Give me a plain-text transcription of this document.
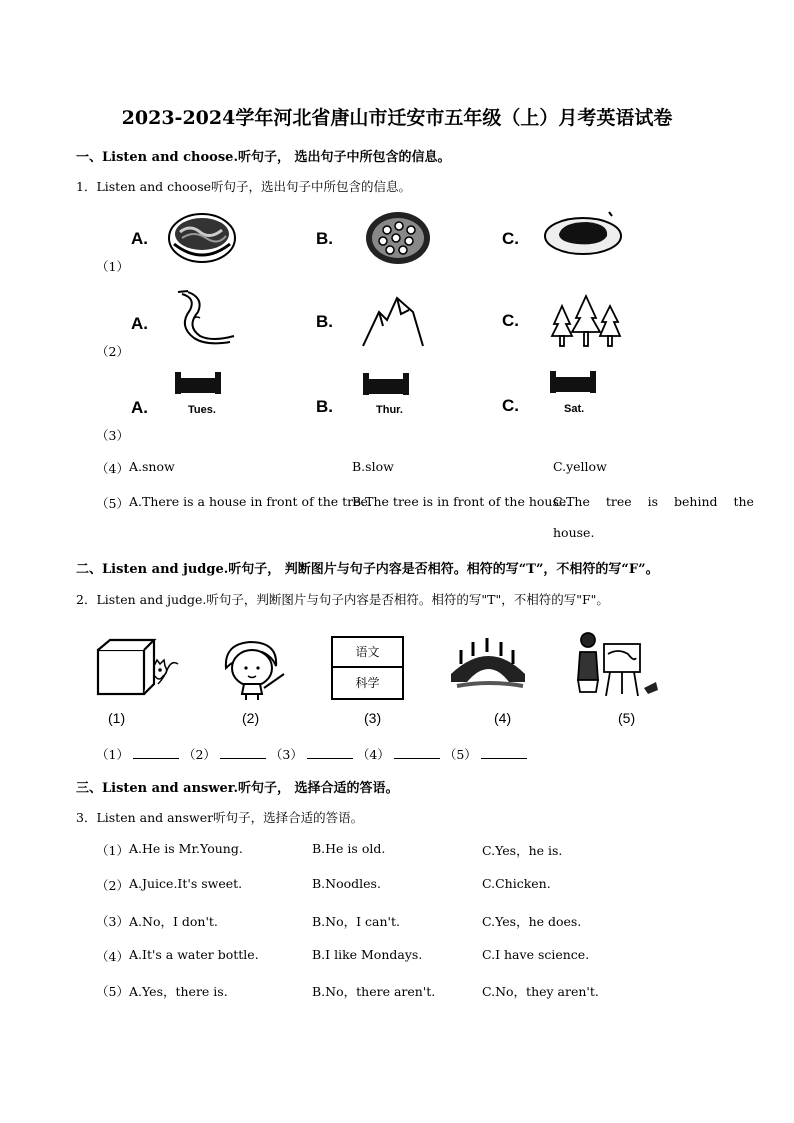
2023-2024学年河北省唐山市迁安市五年级（上）月考英语试卷
一、Listen and choose.听句子， 选出句子中所包含的信息。
1．Listen and choose听句子，选出句子中所包含的信息。
A.	B.	C.
（1）
A.	B.	C.
（2）
A.	B.	C.
（3）
Tues.	Thur.	Sat.
（4） A.snow	B.slow	C.yellow
（5） A.There is a house in front of the tree.
B.The tree is in front of the house.
C.The tree is behind the
house.
二、Listen and judge.听句子， 判断图片与句子内容是否相符。相符的写“T”，不相符的写“F”。
2．Listen and judge.听句子，判断图片与句子内容是否相符。相符的写"T"，不相符的写"F"。
语文
科学
(1)	(2)	(3)	(4)	(5)
（1）	（2）	（3）	（4）	（5）
三、Listen and answer.听句子， 选择合适的答语。
3．Listen and answer听句子，选择合适的答语。
（1） A.He is Mr.Young.	B.He is old.	C.Yes，he is.
（2） A.Juice.It's sweet.	B.Noodles.	C.Chicken.
（3） A.No，I don't.	B.No，I can't.	C.Yes，he does.
（4） A.It's a water bottle.	B.I like Mondays.	C.I have science.
（5） A.Yes，there is.	B.No，there aren't.	C.No，they aren't.
